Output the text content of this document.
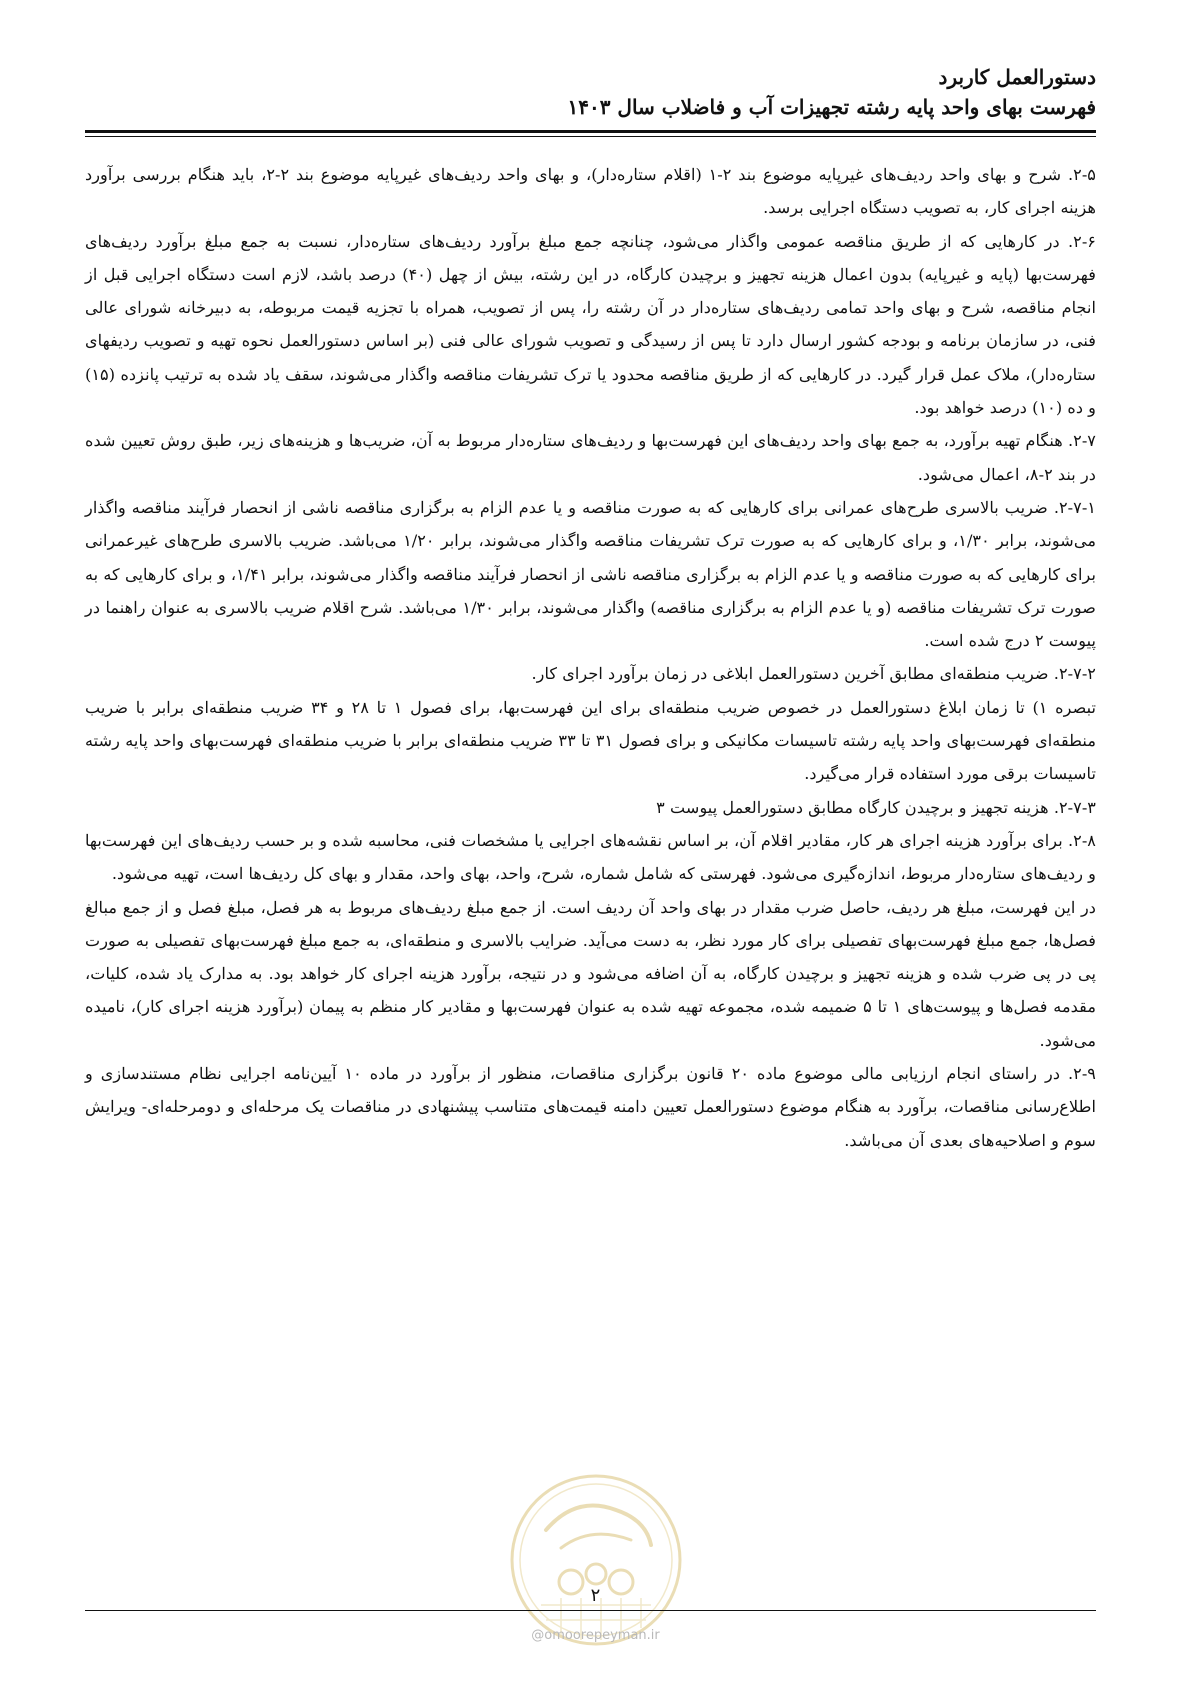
دستورالعمل کاربرد
فهرست بهای واحد پایه رشته تجهیزات آب و فاضلاب سال ۱۴۰۳

۲-۵. شرح و بهای واحد ردیف‌های غیرپایه موضوع بند ۲-۱ (اقلام ستاره‌دار)، و بهای واحد ردیف‌های غیرپایه موضوع بند ۲-۲، باید هنگام بررسی برآورد هزینه اجرای کار، به تصویب دستگاه اجرایی برسد.

۲-۶. در کارهایی که از طریق مناقصه عمومی واگذار می‌شود، چنانچه جمع مبلغ برآورد ردیف‌های ستاره‌دار، نسبت به جمع مبلغ برآورد ردیف‌های فهرست‌بها (پایه و غیرپایه) بدون اعمال هزینه تجهیز و برچیدن کارگاه، در این رشته، بیش از چهل (۴۰) درصد باشد، لازم است دستگاه اجرایی قبل از انجام مناقصه، شرح و بهای واحد تمامی ردیف‌های ستاره‌دار در آن رشته را، پس از تصویب، همراه با تجزیه قیمت مربوطه، به دبیرخانه شورای عالی فنی، در سازمان برنامه و بودجه کشور ارسال دارد تا پس از رسیدگی و تصویب شورای عالی فنی (بر اساس دستورالعمل نحوه تهیه و تصویب ردیفهای ستاره‌دار)، ملاک عمل قرار گیرد. در کارهایی که از طریق مناقصه محدود یا ترک تشریفات مناقصه واگذار می‌شوند، سقف یاد شده به ترتیب پانزده (۱۵) و ده (۱۰) درصد خواهد بود.

۲-۷. هنگام تهیه برآورد، به جمع بهای واحد ردیف‌های این فهرست‌بها و ردیف‌های ستاره‌دار مربوط به آن، ضریب‌ها و هزینه‌های زیر، طبق روش تعیین شده در بند ۲-۸، اعمال می‌شود.

۲-۷-۱. ضریب بالاسری طرح‌های عمرانی برای کارهایی که به صورت مناقصه و یا عدم الزام به برگزاری مناقصه ناشی از انحصار فرآیند مناقصه واگذار می‌شوند، برابر ۱/۳۰، و برای کارهایی که به صورت ترک تشریفات مناقصه واگذار می‌شوند، برابر ۱/۲۰ می‌باشد. ضریب بالاسری طرح‌های غیرعمرانی برای کارهایی که به صورت مناقصه و یا عدم الزام به برگزاری مناقصه ناشی از انحصار فرآیند مناقصه واگذار می‌شوند، برابر ۱/۴۱، و برای کارهایی که به صورت ترک تشریفات مناقصه (و یا عدم الزام به برگزاری مناقصه) واگذار می‌شوند، برابر ۱/۳۰ می‌باشد. شرح اقلام ضریب بالاسری به عنوان راهنما در پیوست ۲ درج شده است.

۲-۷-۲. ضریب منطقه‌ای مطابق آخرین دستورالعمل ابلاغی در زمان برآورد اجرای کار.

تبصره ۱) تا زمان ابلاغ دستورالعمل در خصوص ضریب منطقه‌ای برای این فهرست‌بها، برای فصول ۱ تا ۲۸ و ۳۴ ضریب منطقه‌ای برابر با ضریب منطقه‌ای فهرست‌بهای واحد پایه رشته تاسیسات مکانیکی و برای فصول ۳۱ تا ۳۳ ضریب منطقه‌ای برابر با ضریب منطقه‌ای فهرست‌بهای واحد پایه رشته تاسیسات برقی مورد استفاده قرار می‌گیرد.

۲-۷-۳. هزینه تجهیز و برچیدن کارگاه مطابق دستورالعمل پیوست ۳

۲-۸. برای برآورد هزینه اجرای هر کار، مقادیر اقلام آن، بر اساس نقشه‌های اجرایی یا مشخصات فنی، محاسبه شده و بر حسب ردیف‌های این فهرست‌بها و ردیف‌های ستاره‌دار مربوط، اندازه‌گیری می‌شود. فهرستی که شامل شماره، شرح، واحد، بهای واحد، مقدار و بهای کل ردیف‌ها است، تهیه می‌شود.

در این فهرست، مبلغ هر ردیف، حاصل ضرب مقدار در بهای واحد آن ردیف است. از جمع مبلغ ردیف‌های مربوط به هر فصل، مبلغ فصل و از جمع مبالغ فصل‌ها، جمع مبلغ فهرست‌بهای تفصیلی برای کار مورد نظر، به دست می‌آید. ضرایب بالاسری و منطقه‌ای، به جمع مبلغ فهرست‌بهای تفصیلی به صورت پی در پی ضرب شده و هزینه تجهیز و برچیدن کارگاه، به آن اضافه می‌شود و در نتیجه، برآورد هزینه اجرای کار خواهد بود. به مدارک یاد شده، کلیات، مقدمه فصل‌ها و پیوست‌های ۱ تا ۵ ضمیمه شده، مجموعه تهیه شده به عنوان فهرست‌بها و مقادیر کار منظم به پیمان (برآورد هزینه اجرای کار)، نامیده می‌شود.

۲-۹. در راستای انجام ارزیابی مالی موضوع ماده ۲۰ قانون برگزاری مناقصات، منظور از برآورد در ماده ۱۰ آیین‌نامه اجرایی نظام مستندسازی و اطلاع‌رسانی مناقصات، برآورد به هنگام موضوع دستورالعمل تعیین دامنه قیمت‌های متناسب پیشنهادی در مناقصات یک مرحله‌ای و دومرحله‌ای- ویرایش سوم و اصلاحیه‌های بعدی آن می‌باشد.

۲
@omoorepeyman.ir
